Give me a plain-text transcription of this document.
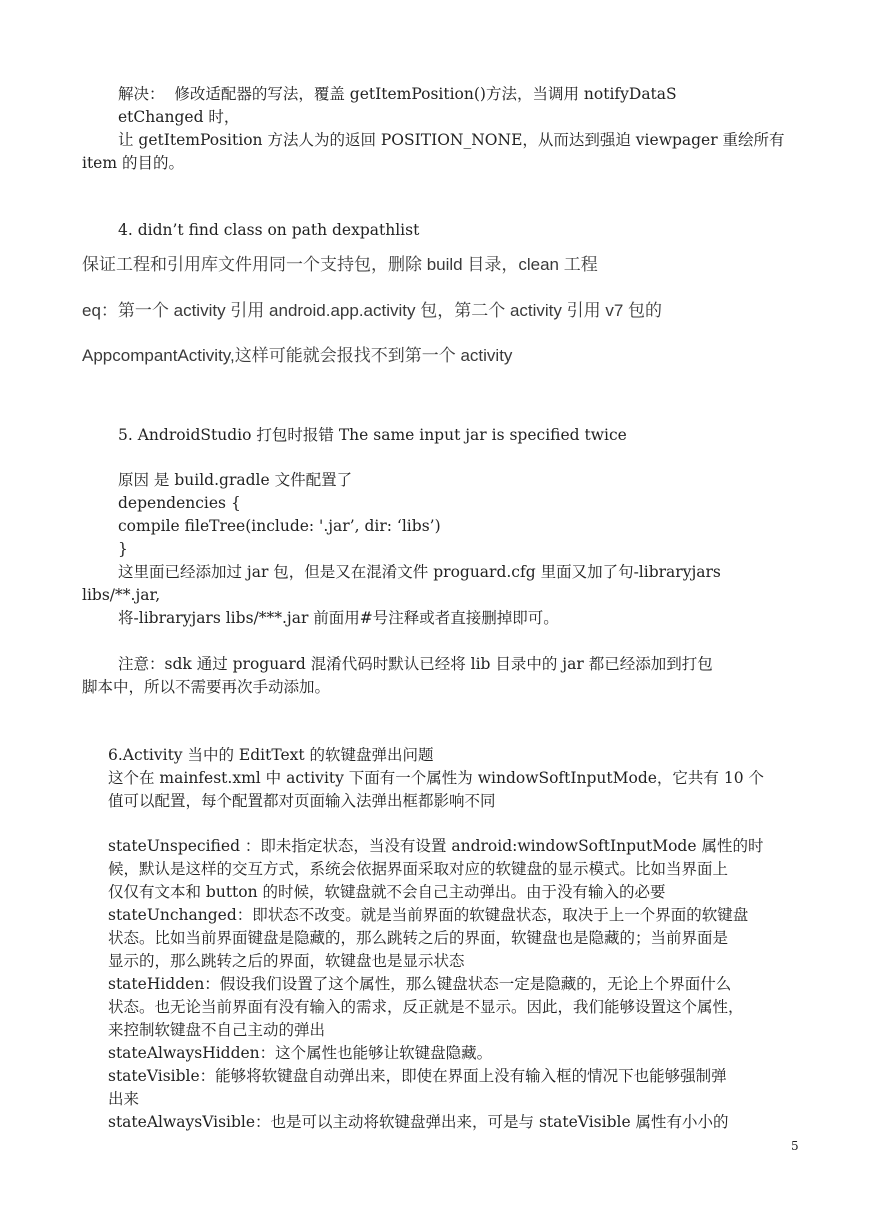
解决：  修改适配器的写法，覆盖 getItemPosition()方法，当调用 notifyDataS
etChanged 时，
让 getItemPosition 方法人为的返回 POSITION_NONE，从而达到强迫 viewpager 重绘所有
item 的目的。
4. didn’t find class on path dexpathlist
保证工程和引用库文件用同一个支持包，删除 build 目录，clean 工程
eq：第一个 activity 引用 android.app.activity 包，第二个 activity 引用 v7 包的
AppcompantActivity,这样可能就会报找不到第一个 activity
5. AndroidStudio 打包时报错 The same input jar is specified twice
原因 是 build.gradle 文件配置了
dependencies {
compile fileTree(include: '.jar’, dir: ‘libs’)
}
这里面已经添加过 jar 包，但是又在混淆文件 proguard.cfg 里面又加了句-libraryjars
libs/**.jar,
将-libraryjars libs/***.jar 前面用#号注释或者直接删掉即可。
注意：sdk 通过 proguard 混淆代码时默认已经将 lib 目录中的 jar 都已经添加到打包
脚本中，所以不需要再次手动添加。
6.Activity 当中的 EditText 的软键盘弹出问题
这个在 mainfest.xml 中 activity 下面有一个属性为 windowSoftInputMode，它共有 10 个
值可以配置，每个配置都对页面输入法弹出框都影响不同
stateUnspecified ：即未指定状态，当没有设置 android:windowSoftInputMode 属性的时
候，默认是这样的交互方式，系统会依据界面采取对应的软键盘的显示模式。比如当界面上
仅仅有文本和 button 的时候，软键盘就不会自己主动弹出。由于没有输入的必要
stateUnchanged：即状态不改变。就是当前界面的软键盘状态，取决于上一个界面的软键盘
状态。比如当前界面键盘是隐藏的，那么跳转之后的界面，软键盘也是隐藏的；当前界面是
显示的，那么跳转之后的界面，软键盘也是显示状态
stateHidden：假设我们设置了这个属性，那么键盘状态一定是隐藏的，无论上个界面什么
状态。也无论当前界面有没有输入的需求，反正就是不显示。因此，我们能够设置这个属性，
来控制软键盘不自己主动的弹出
stateAlwaysHidden：这个属性也能够让软键盘隐藏。
stateVisible：能够将软键盘自动弹出来，即使在界面上没有输入框的情况下也能够强制弹
出来
stateAlwaysVisible：也是可以主动将软键盘弹出来，可是与 stateVisible 属性有小小的
5
